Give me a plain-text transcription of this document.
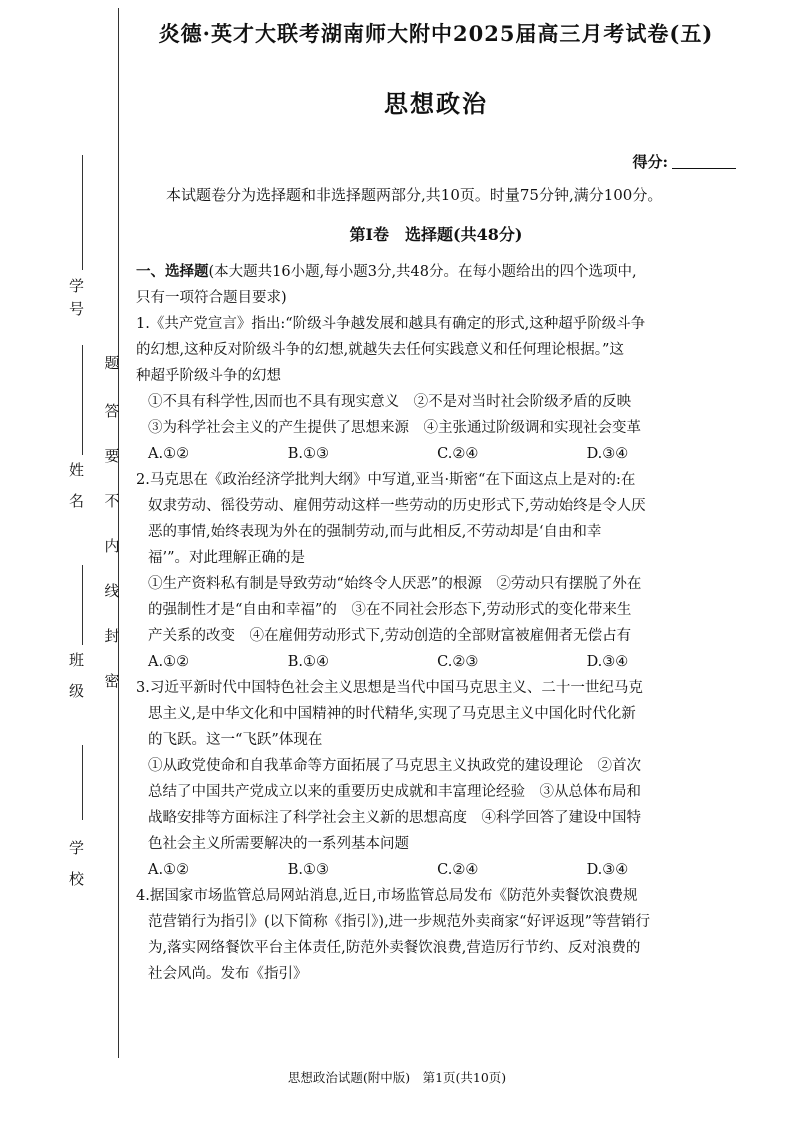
学号
姓名
班级
学校
密
封
线
内
不
要
答
题
炎德·英才大联考湖南师大附中2025届高三月考试卷(五)
思想政治
得分:
本试题卷分为选择题和非选择题两部分,共10页。时量75分钟,满分100分。
第Ⅰ卷　选择题(共48分)
一、选择题(本大题共16小题,每小题3分,共48分。在每小题给出的四个选项中,
只有一项符合题目要求)

1.《共产党宣言》指出:“阶级斗争越发展和越具有确定的形式,这种超乎阶级斗争

的幻想,这种反对阶级斗争的幻想,就越失去任何实践意义和任何理论根据。”这

种超乎阶级斗争的幻想

①不具有科学性,因而也不具有现实意义　②不是对当时社会阶级矛盾的反映

③为科学社会主义的产生提供了思想来源　④主张通过阶级调和实现社会变革

A.①②	B.①③	C.②④	D.③④

2.马克思在《政治经济学批判大纲》中写道,亚当·斯密“在下面这点上是对的:在

奴隶劳动、徭役劳动、雇佣劳动这样一些劳动的历史形式下,劳动始终是令人厌

恶的事情,始终表现为外在的强制劳动,而与此相反,不劳动却是‘自由和幸

福’”。对此理解正确的是

①生产资料私有制是导致劳动“始终令人厌恶”的根源　②劳动只有摆脱了外在

的强制性才是“自由和幸福”的　③在不同社会形态下,劳动形式的变化带来生

产关系的改变　④在雇佣劳动形式下,劳动创造的全部财富被雇佣者无偿占有

A.①②	B.①④	C.②③	D.③④

3.习近平新时代中国特色社会主义思想是当代中国马克思主义、二十一世纪马克

思主义,是中华文化和中国精神的时代精华,实现了马克思主义中国化时代化新

的飞跃。这一“飞跃”体现在

①从政党使命和自我革命等方面拓展了马克思主义执政党的建设理论　②首次

总结了中国共产党成立以来的重要历史成就和丰富理论经验　③从总体布局和

战略安排等方面标注了科学社会主义新的思想高度　④科学回答了建设中国特

色社会主义所需要解决的一系列基本问题

A.①②	B.①③	C.②④	D.③④

4.据国家市场监管总局网站消息,近日,市场监管总局发布《防范外卖餐饮浪费规

范营销行为指引》(以下简称《指引》),进一步规范外卖商家“好评返现”等营销行

为,落实网络餐饮平台主体责任,防范外卖餐饮浪费,营造厉行节约、反对浪费的

社会风尚。发布《指引》

思想政治试题(附中版)　第1页(共10页)
